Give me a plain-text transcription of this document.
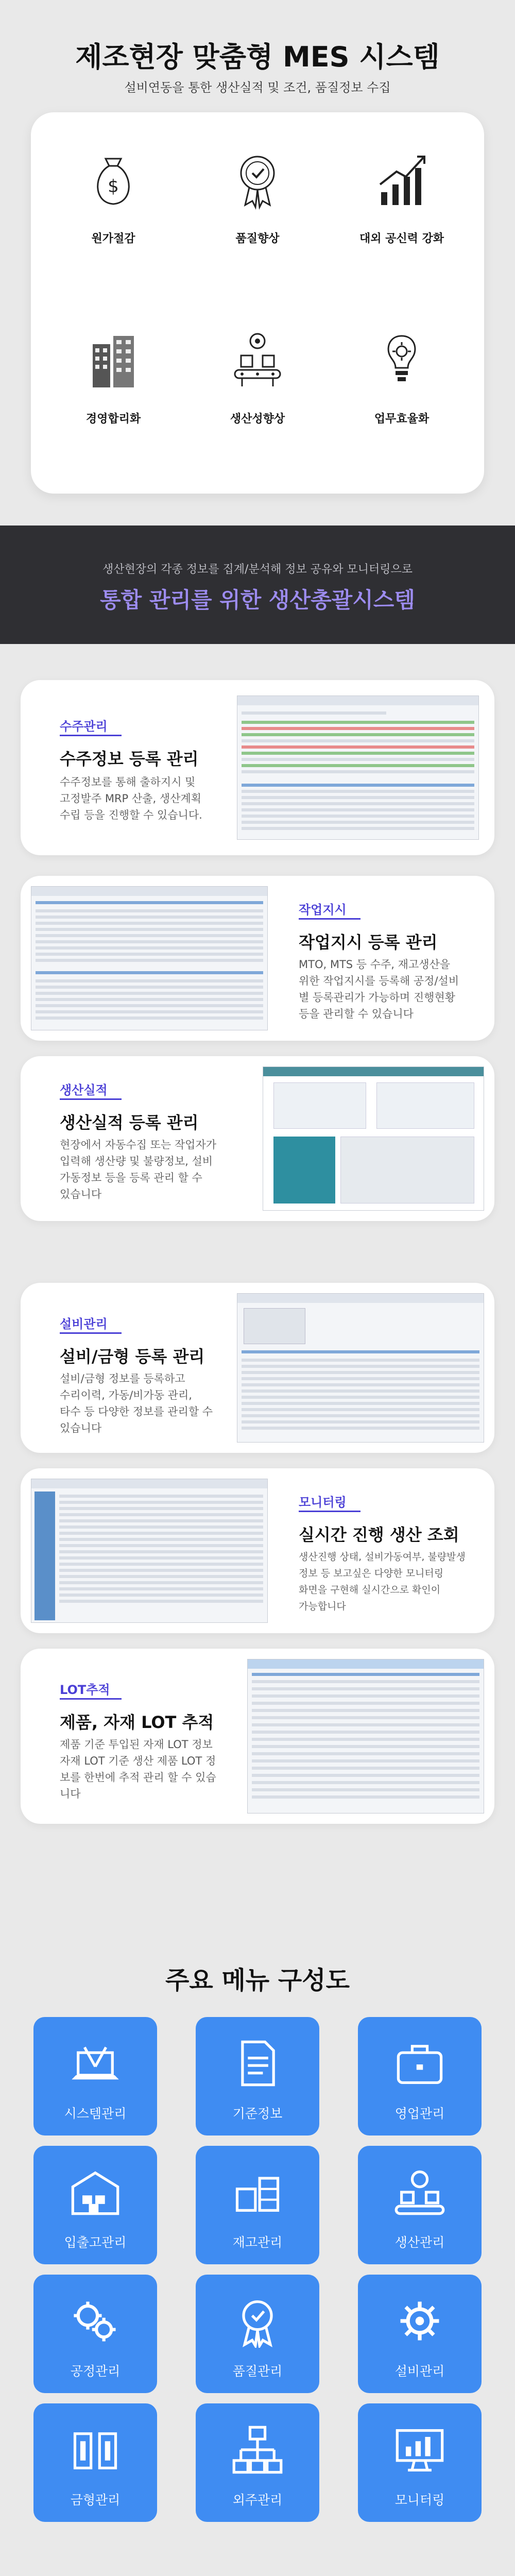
제조현장 맞춤형 MES 시스템
설비연동을 통한 생산실적 및 조건, 품질정보 수집
$
원가절감	품질향상	대외 공신력 강화
경영합리화	생산성향상	업무효율화
생산현장의 각종 정보를 집계/분석해 정보 공유와 모니터링으로
통합 관리를 위한 생산총괄시스템
수주관리
수주정보 등록 관리
수주정보를 통해 출하지시 및
고정발주 MRP 산출, 생산계획
수립 등을 진행할 수 있습니다.
작업지시
작업지시 등록 관리
MTO, MTS 등 수주, 재고생산을
위한 작업지시를 등록해 공정/설비
별 등록관리가 가능하며 진행현황
등을 관리할 수 있습니다
생산실적
생산실적 등록 관리
현장에서 자동수집 또는 작업자가
입력해 생산량 및 불량정보, 설비
가동정보 등을 등록 관리 할 수
있습니다
설비관리
설비/금형 등록 관리
설비/금형 정보를 등록하고
수리이력, 가동/비가동 관리,
타수 등 다양한 정보를 관리할 수
있습니다
모니터링
실시간 진행 생산 조회
생산진행 상태, 설비가동여부, 불량발생
정보 등 보고싶은 다양한 모니터링
화면을 구현해 실시간으로 확인이
가능합니다
LOT추적
제품, 자재 LOT 추적
제품 기준 투입된 자재 LOT 정보
자재 LOT 기준 생산 제품 LOT 정
보를 한번에 추적 관리 할 수 있습
니다
주요 메뉴 구성도
시스템관리	기준정보	영업관리
입출고관리	재고관리	생산관리
공정관리	품질관리	설비관리
금형관리	외주관리	모니터링
